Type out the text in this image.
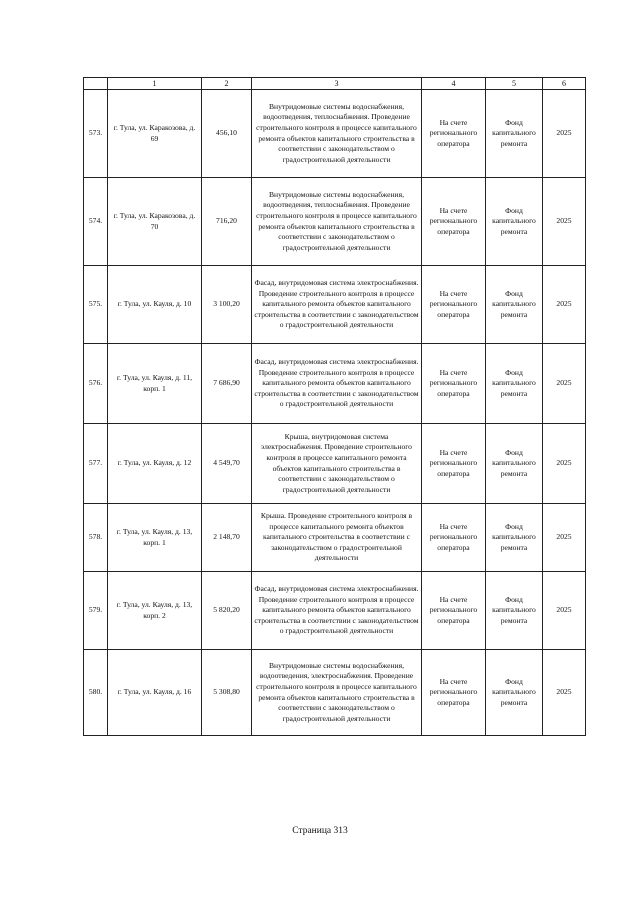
	1	2	3	4	5	6
573.	г. Тула, ул. Каракозова, д. 69	456,10	Внутридомовые системы водоснабжения, водоотведения, теплоснабжения. Проведение строительного контроля в процессе капитального ремонта объектов капитального строительства в соответствии с законодательством о градостроительной деятельности	На счете регионального оператора	Фонд капитального ремонта	2025
574.	г. Тула, ул. Каракозова, д. 70	716,20	Внутридомовые системы водоснабжения, водоотведения, теплоснабжения. Проведение строительного контроля в процессе капитального ремонта объектов капитального строительства в соответствии с законодательством о градостроительной деятельности	На счете регионального оператора	Фонд капитального ремонта	2025
575.	г. Тула, ул. Кауля, д. 10	3 100,20	Фасад, внутридомовая система электроснабжения. Проведение строительного контроля в процессе капитального ремонта объектов капитального строительства в соответствии с законодательством о градостроительной деятельности	На счете регионального оператора	Фонд капитального ремонта	2025
576.	г. Тула, ул. Кауля, д. 11, корп. 1	7 686,90	Фасад, внутридомовая система электроснабжения. Проведение строительного контроля в процессе капитального ремонта объектов капитального строительства в соответствии с законодательством о градостроительной деятельности	На счете регионального оператора	Фонд капитального ремонта	2025
577.	г. Тула, ул. Кауля, д. 12	4 549,70	Крыша, внутридомовая система электроснабжения. Проведение строительного контроля в процессе капитального ремонта объектов капитального строительства в соответствии с законодательством о градостроительной деятельности	На счете регионального оператора	Фонд капитального ремонта	2025
578.	г. Тула, ул. Кауля, д. 13, корп. 1	2 148,70	Крыша. Проведение строительного контроля в процессе капитального ремонта объектов капитального строительства в соответствии с законодательством о градостроительной деятельности	На счете регионального оператора	Фонд капитального ремонта	2025
579.	г. Тула, ул. Кауля, д. 13, корп. 2	5 820,20	Фасад, внутридомовая система электроснабжения. Проведение строительного контроля в процессе капитального ремонта объектов капитального строительства в соответствии с законодательством о градостроительной деятельности	На счете регионального оператора	Фонд капитального ремонта	2025
580.	г. Тула, ул. Кауля, д. 16	5 308,80	Внутридомовые системы водоснабжения, водоотведения, электроснабжения. Проведение строительного контроля в процессе капитального ремонта объектов капитального строительства в соответствии с законодательством о градостроительной деятельности	На счете регионального оператора	Фонд капитального ремонта	2025
Страница 313
